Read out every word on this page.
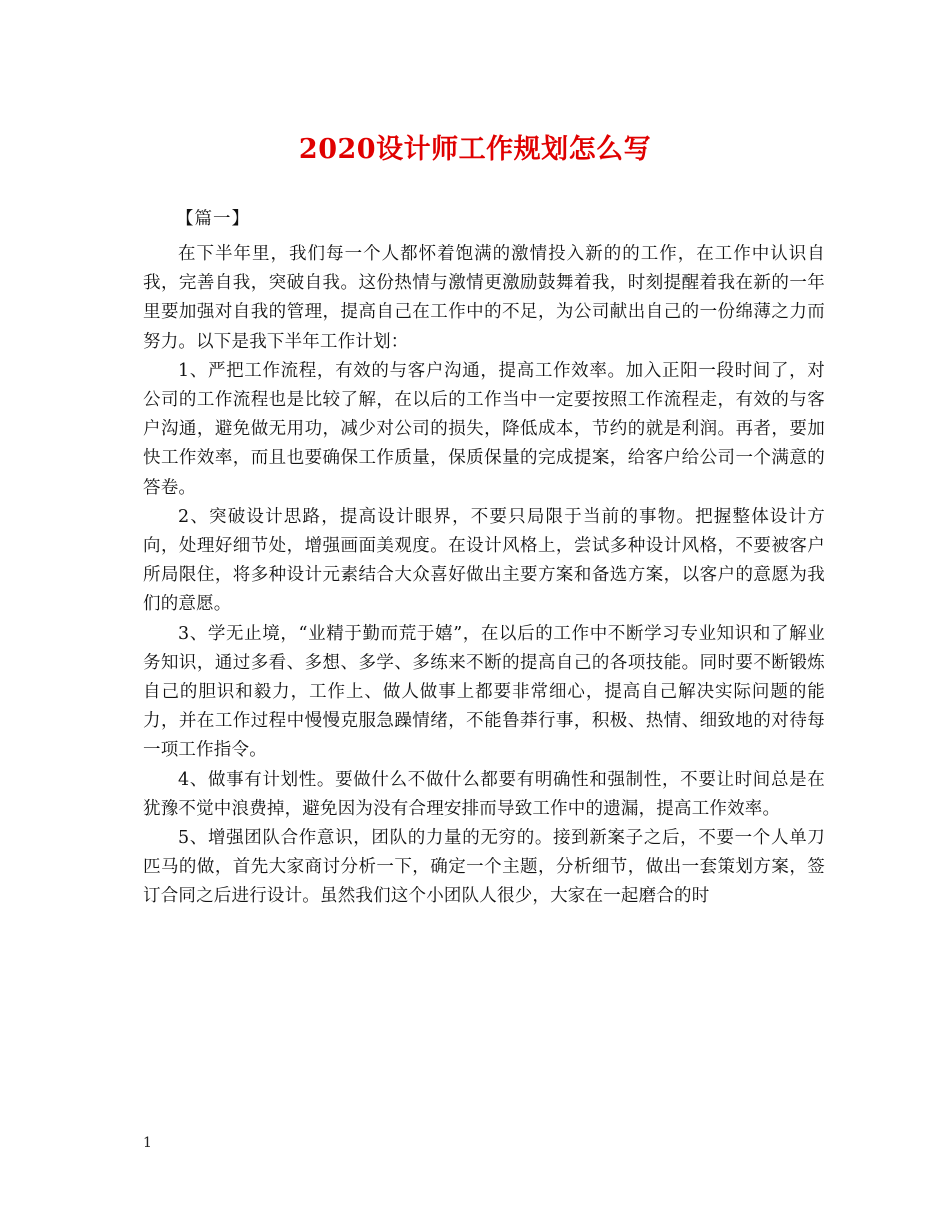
2020设计师工作规划怎么写
【篇一】

在下半年里，我们每一个人都怀着饱满的激情投入新的的工作，在工作中认识自我，完善自我，突破自我。这份热情与激情更激励鼓舞着我，时刻提醒着我在新的一年里要加强对自我的管理，提高自己在工作中的不足，为公司献出自己的一份绵薄之力而努力。以下是我下半年工作计划：

1、严把工作流程，有效的与客户沟通，提高工作效率。加入正阳一段时间了，对公司的工作流程也是比较了解，在以后的工作当中一定要按照工作流程走，有效的与客户沟通，避免做无用功，减少对公司的损失，降低成本，节约的就是利润。再者，要加快工作效率，而且也要确保工作质量，保质保量的完成提案，给客户给公司一个满意的答卷。

2、突破设计思路，提高设计眼界，不要只局限于当前的事物。把握整体设计方向，处理好细节处，增强画面美观度。在设计风格上，尝试多种设计风格，不要被客户所局限住，将多种设计元素结合大众喜好做出主要方案和备选方案，以客户的意愿为我们的意愿。

3、学无止境，“业精于勤而荒于嬉”，在以后的工作中不断学习专业知识和了解业务知识，通过多看、多想、多学、多练来不断的提高自己的各项技能。同时要不断锻炼自己的胆识和毅力，工作上、做人做事上都要非常细心，提高自己解决实际问题的能力，并在工作过程中慢慢克服急躁情绪，不能鲁莽行事，积极、热情、细致地的对待每一项工作指令。

4、做事有计划性。要做什么不做什么都要有明确性和强制性，不要让时间总是在犹豫不觉中浪费掉，避免因为没有合理安排而导致工作中的遗漏，提高工作效率。

5、增强团队合作意识，团队的力量的无穷的。接到新案子之后，不要一个人单刀匹马的做，首先大家商讨分析一下，确定一个主题，分析细节，做出一套策划方案，签订合同之后进行设计。虽然我们这个小团队人很少，大家在一起磨合的时

1
